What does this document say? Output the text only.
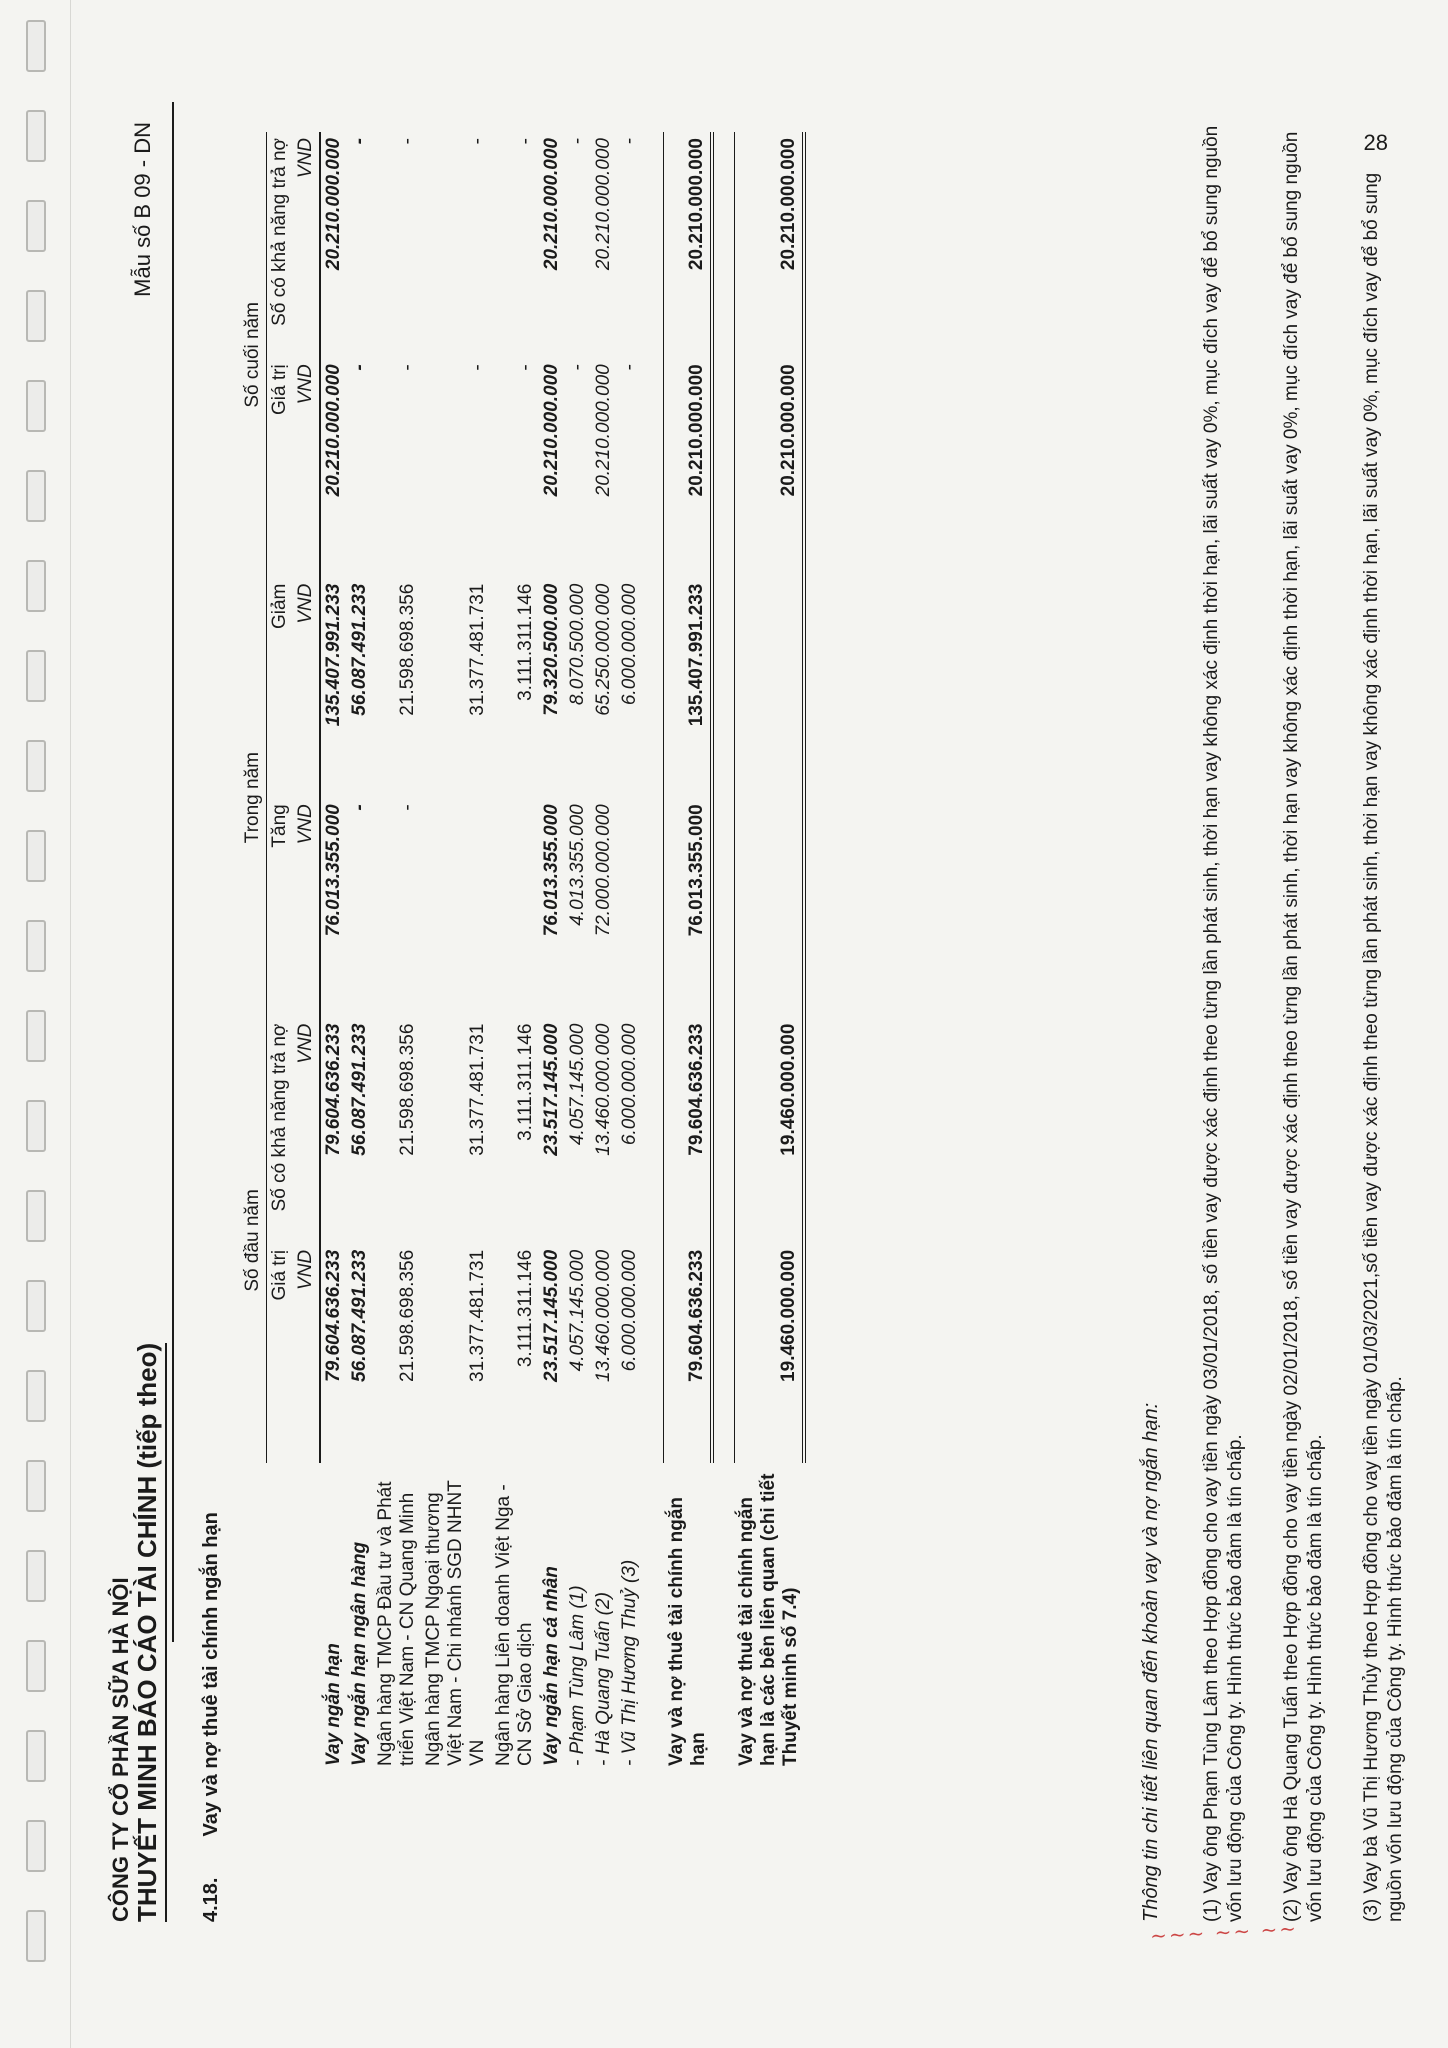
28
~~~ ~~ ~~
CÔNG TY CỔ PHẦN SỮA HÀ NỘI THUYẾT MINH BÁO CÁO TÀI CHÍNH (tiếp theo)
Mẫu số B 09 - DN
4.18. Vay và nợ thuê tài chính ngắn hạn
	Số đầu năm		Trong năm		Số cuối năm	
	Giá trị	Số có khả năng trả nợ	Tăng	Giảm	Giá trị	Số có khả năng trả nợ
	VND	VND	VND	VND	VND	VND
Vay ngắn hạn	79.604.636.233	79.604.636.233	76.013.355.000	135.407.991.233	20.210.000.000	20.210.000.000
Vay ngắn hạn ngân hàng	56.087.491.233	56.087.491.233	-	56.087.491.233	-	-
Ngân hàng TMCP Đầu tư và Phát triển Việt Nam - CN Quang Minh	21.598.698.356	21.598.698.356	-	21.598.698.356	-	-
Ngân hàng TMCP Ngoại thương Việt Nam - Chi nhánh SGD NHNT VN	31.377.481.731	31.377.481.731		31.377.481.731	-	-
Ngân hàng Liên doanh Việt Nga - CN Sở Giao dịch	3.111.311.146	3.111.311.146		3.111.311.146	-	-
Vay ngắn hạn cá nhân	23.517.145.000	23.517.145.000	76.013.355.000	79.320.500.000	20.210.000.000	20.210.000.000
- Phạm Tùng Lâm (1)	4.057.145.000	4.057.145.000	4.013.355.000	8.070.500.000	-	-
- Hà Quang Tuấn (2)	13.460.000.000	13.460.000.000	72.000.000.000	65.250.000.000	20.210.000.000	20.210.000.000
- Vũ Thị Hương Thuỷ (3)	6.000.000.000	6.000.000.000		6.000.000.000	-	-

Vay và nợ thuê tài chính ngắn hạn	79.604.636.233	79.604.636.233	76.013.355.000	135.407.991.233	20.210.000.000	20.210.000.000

Vay và nợ thuê tài chính ngắn hạn là các bên liên quan (chi tiết Thuyết minh số 7.4)	19.460.000.000	19.460.000.000			20.210.000.000	20.210.000.000
Thông tin chi tiết liên quan đến khoản vay và nợ ngắn hạn: (1) Vay ông Phạm Tùng Lâm theo Hợp đồng cho vay tiền ngày 03/01/2018, số tiền vay được xác định theo từng lần phát sinh, thời hạn vay không xác định thời hạn, lãi suất vay 0%, mục đích vay để bổ sung nguồn vốn lưu động của Công ty. Hình thức bảo đảm là tín chấp. (2) Vay ông Hà Quang Tuấn theo Hợp đồng cho vay tiền ngày 02/01/2018, số tiền vay được xác định theo từng lần phát sinh, thời hạn vay không xác định thời hạn, lãi suất vay 0%, mục đích vay để bổ sung nguồn vốn lưu động của Công ty. Hình thức bảo đảm là tín chấp. (3) Vay bà Vũ Thị Hương Thủy theo Hợp đồng cho vay tiền ngày 01/03/2021,số tiền vay được xác định theo từng lần phát sinh, thời hạn vay không xác định thời hạn, lãi suất vay 0%, mục đích vay để bổ sung nguồn vốn lưu động của Công ty. Hình thức bảo đảm là tín chấp.
